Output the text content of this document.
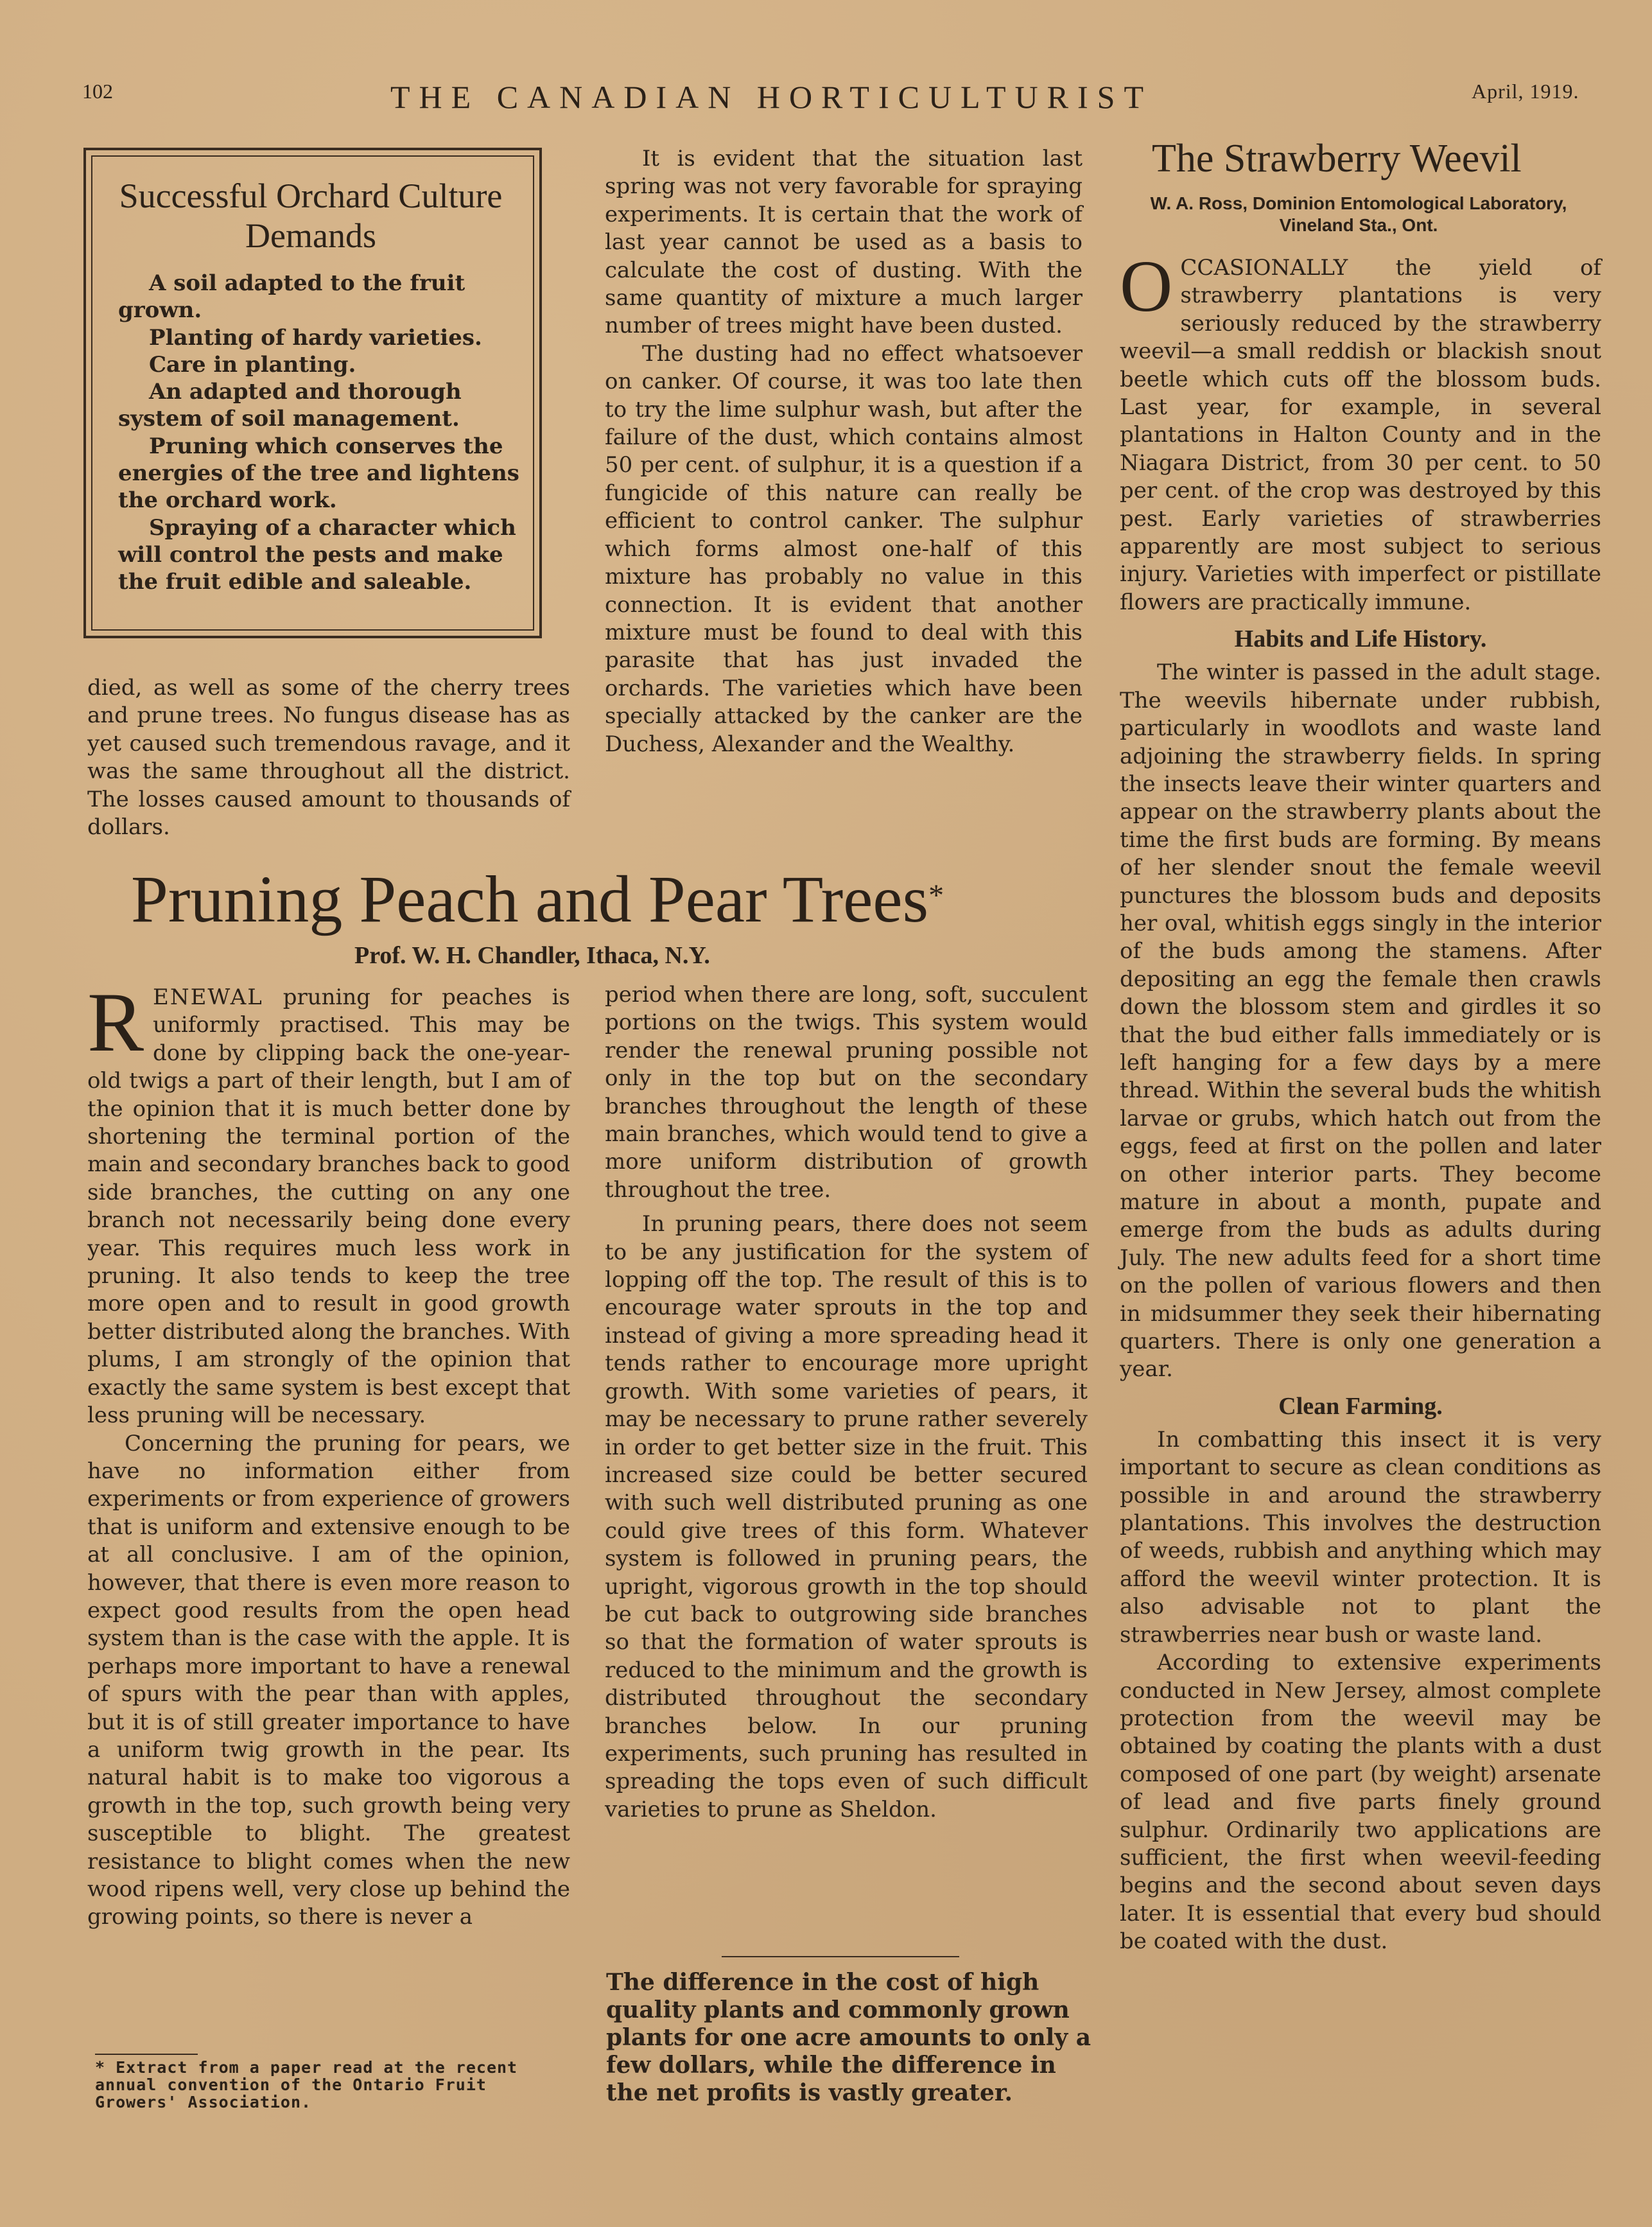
102	THE CANADIAN HORTICULTURIST	April, 1919.
Successful Orchard Culture Demands
A soil adapted to the fruit grown.
Planting of hardy varieties.
Care in planting.
An adapted and thorough system of soil management.
Pruning which conserves the energies of the tree and lightens the orchard work.
Spraying of a character which will control the pests and make the fruit edible and saleable.

died, as well as some of the cherry trees and prune trees. No fungus disease has as yet caused such tremendous ravage, and it was the same throughout all the district. The losses caused amount to thousands of dollars.

It is evident that the situation last spring was not very favorable for spraying experiments. It is certain that the work of last year cannot be used as a basis to calculate the cost of dusting. With the same quantity of mixture a much larger number of trees might have been dusted.

The dusting had no effect whatsoever on canker. Of course, it was too late then to try the lime sulphur wash, but after the failure of the dust, which contains almost 50 per cent. of sulphur, it is a question if a fungicide of this nature can really be efficient to control canker. The sulphur which forms almost one-half of this mixture has probably no value in this connection. It is evident that another mixture must be found to deal with this parasite that has just invaded the orchards. The varieties which have been specially attacked by the canker are the Duchess, Alexander and the Wealthy.

Pruning Peach and Pear Trees*
Prof. W. H. Chandler, Ithaca, N.Y.

RENEWAL pruning for peaches is uniformly practised. This may be done by clipping back the one-year-old twigs a part of their length, but I am of the opinion that it is much better done by shortening the terminal portion of the main and secondary branches back to good side branches, the cutting on any one branch not necessarily being done every year. This requires much less work in pruning. It also tends to keep the tree more open and to result in good growth better distributed along the branches. With plums, I am strongly of the opinion that exactly the same system is best except that less pruning will be necessary.

Concerning the pruning for pears, we have no information either from experiments or from experience of growers that is uniform and extensive enough to be at all conclusive. I am of the opinion, however, that there is even more reason to expect good results from the open head system than is the case with the apple. It is perhaps more important to have a renewal of spurs with the pear than with apples, but it is of still greater importance to have a uniform twig growth in the pear. Its natural habit is to make too vigorous a growth in the top, such growth being very susceptible to blight. The greatest resistance to blight comes when the new wood ripens well, very close up behind the growing points, so there is never a

period when there are long, soft, succulent portions on the twigs. This system would render the renewal pruning possible not only in the top but on the secondary branches throughout the length of these main branches, which would tend to give a more uniform distribution of growth throughout the tree.

In pruning pears, there does not seem to be any justification for the system of lopping off the top. The result of this is to encourage water sprouts in the top and instead of giving a more spreading head it tends rather to encourage more upright growth. With some varieties of pears, it may be necessary to prune rather severely in order to get better size in the fruit. This increased size could be better secured with such well distributed pruning as one could give trees of this form. Whatever system is followed in pruning pears, the upright, vigorous growth in the top should be cut back to outgrowing side branches so that the formation of water sprouts is reduced to the minimum and the growth is distributed throughout the secondary branches below. In our pruning experiments, such pruning has resulted in spreading the tops even of such difficult varieties to prune as Sheldon.

* Extract from a paper read at the recent annual convention of the Ontario Fruit Growers' Association.
The difference in the cost of high quality plants and commonly grown plants for one acre amounts to only a few dollars, while the difference in the net profits is vastly greater.
The Strawberry Weevil
W. A. Ross, Dominion Entomological Laboratory, Vineland Sta., Ont.

OCCASIONALLY the yield of strawberry plantations is very seriously reduced by the strawberry weevil—a small reddish or blackish snout beetle which cuts off the blossom buds. Last year, for example, in several plantations in Halton County and in the Niagara District, from 30 per cent. to 50 per cent. of the crop was destroyed by this pest. Early varieties of strawberries apparently are most subject to serious injury. Varieties with imperfect or pistillate flowers are practically immune.

Habits and Life History.

The winter is passed in the adult stage. The weevils hibernate under rubbish, particularly in woodlots and waste land adjoining the strawberry fields. In spring the insects leave their winter quarters and appear on the strawberry plants about the time the first buds are forming. By means of her slender snout the female weevil punctures the blossom buds and deposits her oval, whitish eggs singly in the interior of the buds among the stamens. After depositing an egg the female then crawls down the blossom stem and girdles it so that the bud either falls immediately or is left hanging for a few days by a mere thread. Within the several buds the whitish larvae or grubs, which hatch out from the eggs, feed at first on the pollen and later on other interior parts. They become mature in about a month, pupate and emerge from the buds as adults during July. The new adults feed for a short time on the pollen of various flowers and then in midsummer they seek their hibernating quarters. There is only one generation a year.

Clean Farming.

In combatting this insect it is very important to secure as clean conditions as possible in and around the strawberry plantations. This involves the destruction of weeds, rubbish and anything which may afford the weevil winter protection. It is also advisable not to plant the strawberries near bush or waste land.

According to extensive experiments conducted in New Jersey, almost complete protection from the weevil may be obtained by coating the plants with a dust composed of one part (by weight) arsenate of lead and five parts finely ground sulphur. Ordinarily two applications are sufficient, the first when weevil-feeding begins and the second about seven days later. It is essential that every bud should be coated with the dust.
